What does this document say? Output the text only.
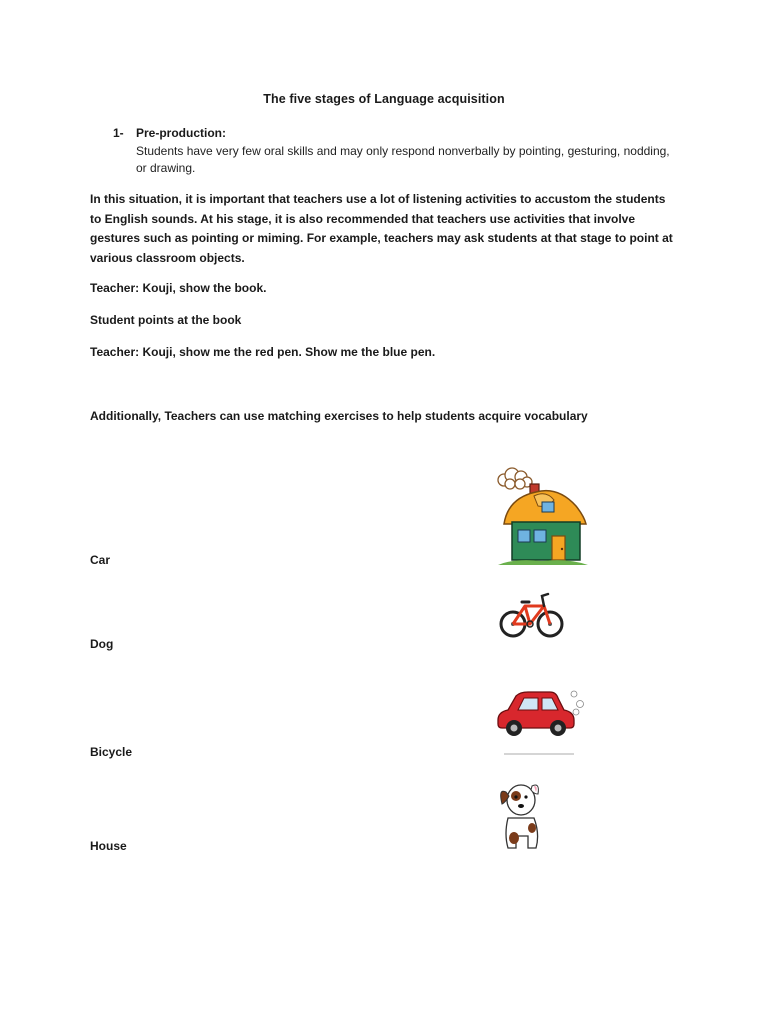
The five stages of Language acquisition
1- Pre-production:
Students have very few oral skills and may only respond nonverbally by pointing, gesturing, nodding, or drawing.
In this situation, it is important that teachers use a lot of listening activities to accustom the students to English sounds. At his stage, it is also recommended that teachers use activities that involve gestures such as pointing or miming. For example, teachers may ask students at that stage to point at various classroom objects.
Teacher: Kouji, show the book.
Student points at the book
Teacher: Kouji, show me the red pen. Show me the blue pen.
Additionally, Teachers can use matching exercises to help students acquire vocabulary
Car
Dog
Bicycle
House
